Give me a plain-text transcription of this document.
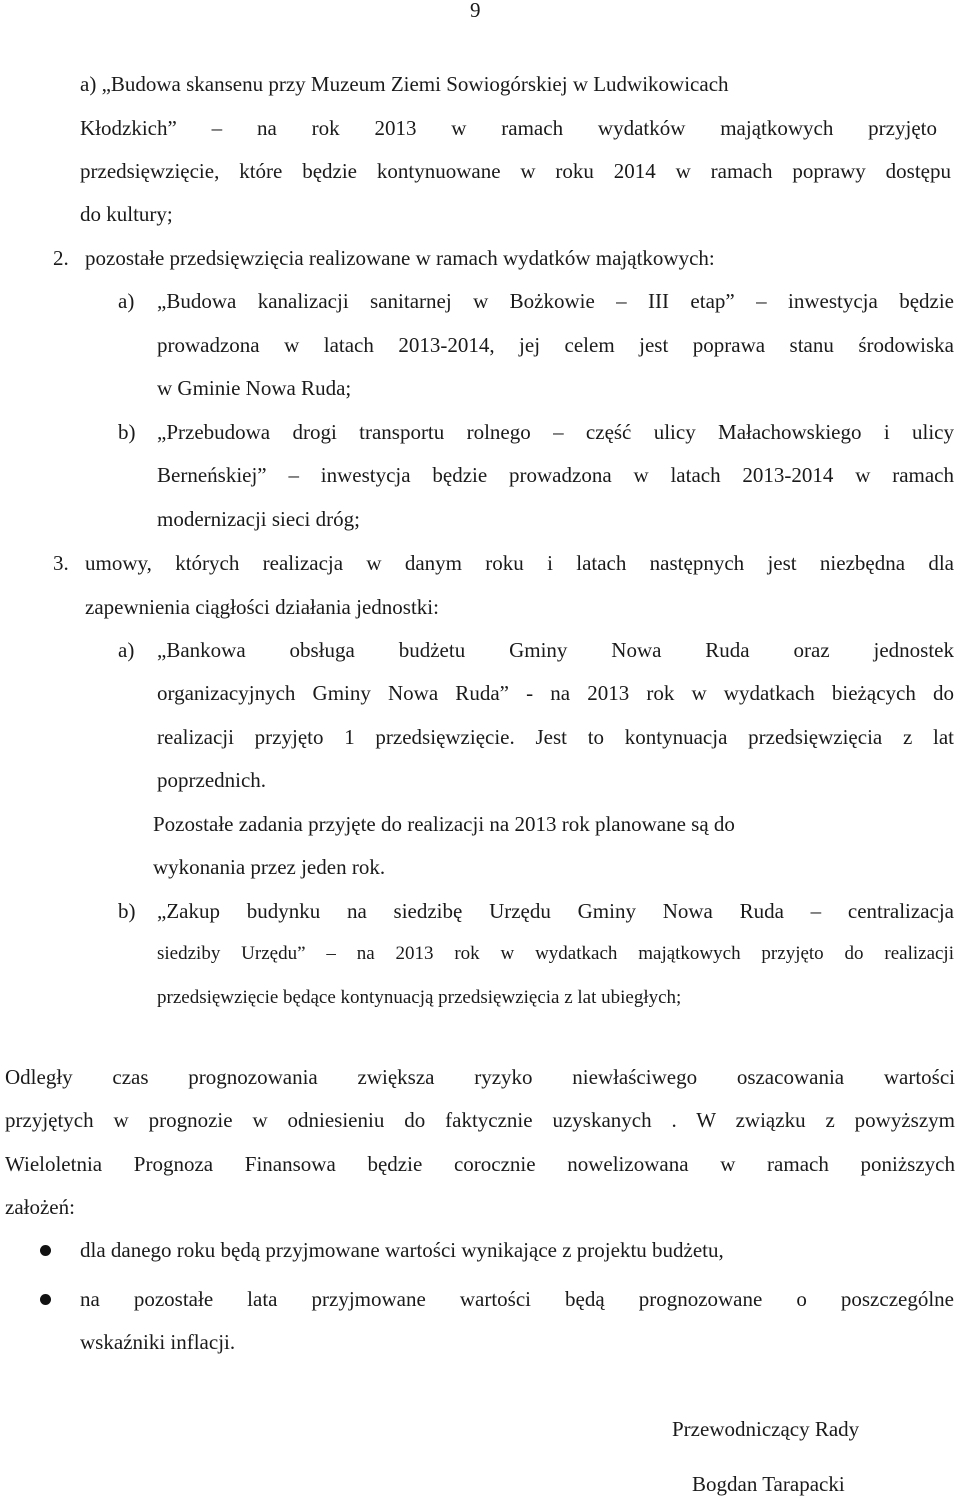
9
a) „Budowa skansenu przy Muzeum Ziemi Sowiogórskiej w Ludwikowicach
Kłodzkich” – na rok 2013 w ramach wydatków majątkowych przyjęto
przedsięwzięcie, które będzie kontynuowane w roku 2014 w ramach poprawy dostępu
do kultury;
2. pozostałe przedsięwzięcia realizowane w ramach wydatków majątkowych:
a) „Budowa kanalizacji sanitarnej w Bożkowie – III etap” – inwestycja będzie
prowadzona w latach 2013-2014, jej celem jest poprawa stanu środowiska
w Gminie Nowa Ruda;
b) „Przebudowa drogi transportu rolnego – część ulicy Małachowskiego i ulicy
Berneńskiej” – inwestycja będzie prowadzona w latach 2013-2014 w ramach
modernizacji sieci dróg;
3. umowy, których realizacja w danym roku i latach następnych jest niezbędna dla
zapewnienia ciągłości działania jednostki:
a) „Bankowa obsługa budżetu Gminy Nowa Ruda oraz jednostek
organizacyjnych Gminy Nowa Ruda” - na 2013 rok w wydatkach bieżących do
realizacji przyjęto 1 przedsięwzięcie. Jest to kontynuacja przedsięwzięcia z lat
poprzednich.
Pozostałe zadania przyjęte do realizacji na 2013 rok planowane są do
wykonania przez jeden rok.
b) „Zakup budynku na siedzibę Urzędu Gminy Nowa Ruda – centralizacja
siedziby Urzędu” – na 2013 rok w wydatkach majątkowych przyjęto do realizacji
przedsięwzięcie będące kontynuacją przedsięwzięcia z lat ubiegłych;
Odległy czas prognozowania zwiększa ryzyko niewłaściwego oszacowania wartości
przyjętych w prognozie w odniesieniu do faktycznie uzyskanych . W związku z powyższym
Wieloletnia Prognoza Finansowa będzie corocznie nowelizowana w ramach poniższych
założeń:
dla danego roku będą przyjmowane wartości wynikające z projektu budżetu,
na pozostałe lata przyjmowane wartości będą prognozowane o poszczególne
wskaźniki inflacji.
Przewodniczący Rady
Bogdan Tarapacki
